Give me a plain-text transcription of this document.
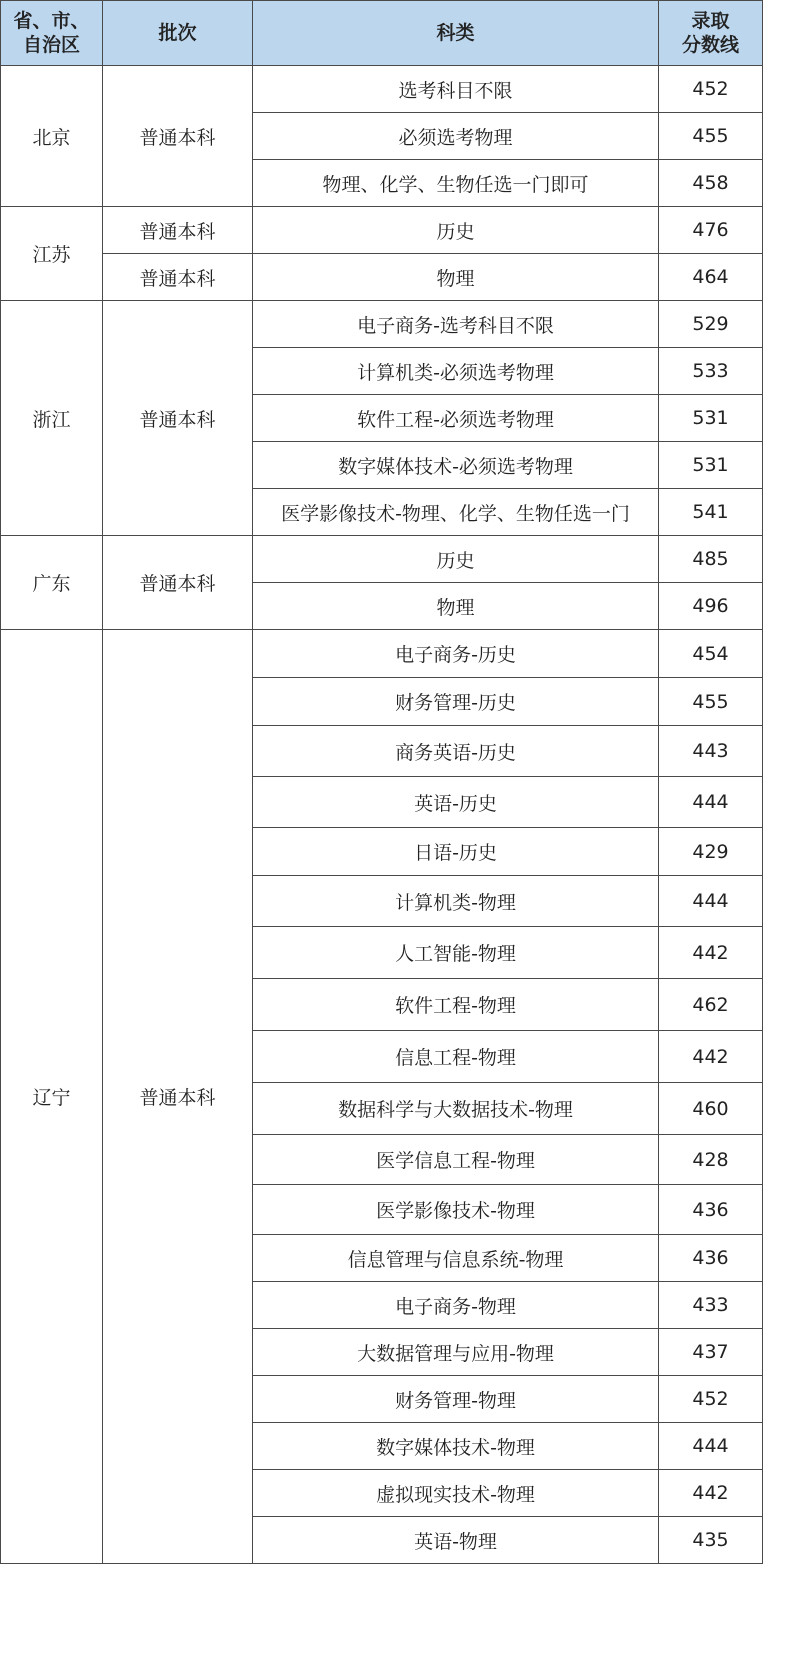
省、市、
自治区	批次	科类	录取
分数线
北京	普通本科	选考科目不限	452
		必须选考物理	455
		物理、化学、生物任选一门即可	458
江苏	普通本科	历史	476
	普通本科	物理	464
浙江	普通本科	电子商务-选考科目不限	529
		计算机类-必须选考物理	533
		软件工程-必须选考物理	531
		数字媒体技术-必须选考物理	531
		医学影像技术-物理、化学、生物任选一门	541
广东	普通本科	历史	485
		物理	496
辽宁	普通本科	电子商务-历史	454
		财务管理-历史	455
		商务英语-历史	443
		英语-历史	444
		日语-历史	429
		计算机类-物理	444
		人工智能-物理	442
		软件工程-物理	462
		信息工程-物理	442
		数据科学与大数据技术-物理	460
		医学信息工程-物理	428
		医学影像技术-物理	436
		信息管理与信息系统-物理	436
		电子商务-物理	433
		大数据管理与应用-物理	437
		财务管理-物理	452
		数字媒体技术-物理	444
		虚拟现实技术-物理	442
		英语-物理	435
